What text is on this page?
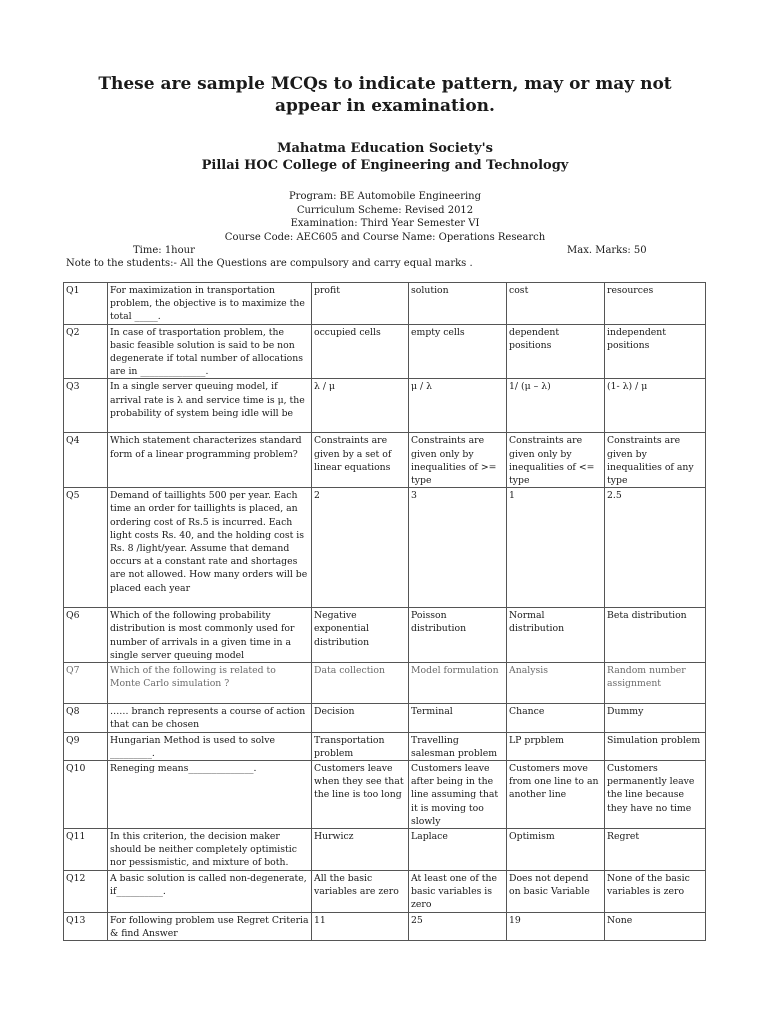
These are sample MCQs to indicate pattern, may or may not appear in examination.
Mahatma Education Society's
Pillai HOC College of Engineering and Technology
Program: BE Automobile Engineering
Curriculum Scheme: Revised 2012
Examination: Third Year Semester VI
Course Code: AEC605 and Course Name: Operations Research
Time: 1hour	Max. Marks: 50
Note to the students:- All the Questions are compulsory and carry equal marks .
Q1	For maximization in transportation problem, the objective is to maximize the total _____.	profit	solution	cost	resources
Q2	In case of trasportation problem, the basic feasible solution is said to be non degenerate if total number of allocations are in ______________.	occupied cells	empty cells	dependent positions	independent positions
Q3	In a single server queuing model, if arrival rate is λ and service time is μ, the probability of system being idle will be	λ / μ	μ / λ	1/ (μ – λ)	(1- λ) / μ
Q4	Which statement characterizes standard form of a linear programming problem?	Constraints are given by a set of linear equations	Constraints are given only by inequalities of >= type	Constraints are given only by inequalities of <= type	Constraints are given by inequalities of any type
Q5	Demand of taillights 500 per year. Each time an order for taillights is placed, an ordering cost of Rs.5 is incurred. Each light costs Rs. 40, and the holding cost is Rs. 8 /light/year. Assume that demand occurs at a constant rate and shortages are not allowed. How many orders will be placed each year	2	3	1	2.5
Q6	Which of the following probability distribution is most commonly used for number of arrivals in a given time in a single server queuing model	Negative exponential distribution	Poisson distribution	Normal distribution	Beta distribution
Q7	Which of the following is related to Monte Carlo simulation ?	Data collection	Model formulation	Analysis	Random number assignment
Q8	…… branch represents a course of action that can be chosen	Decision	Terminal	Chance	Dummy
Q9	Hungarian Method is used to solve _________.	Transportation problem	Travelling salesman problem	LP prpblem	Simulation problem
Q10	Reneging means______________.	Customers leave when they see that the line is too long	Customers leave after being in the line assuming that it is moving too slowly	Customers move from one line to an another line	Customers permanently leave the line because they have no time
Q11	In this criterion, the decision maker should be neither completely optimistic nor pessismistic, and mixture of both.	Hurwicz	Laplace	Optimism	Regret
Q12	A basic solution is called non-degenerate, if__________.	All the basic variables are zero	At least one of the basic variables is zero	Does not depend on basic Variable	None of the basic variables is zero
Q13	For following problem use Regret Criteria & find Answer	11	25	19	None
